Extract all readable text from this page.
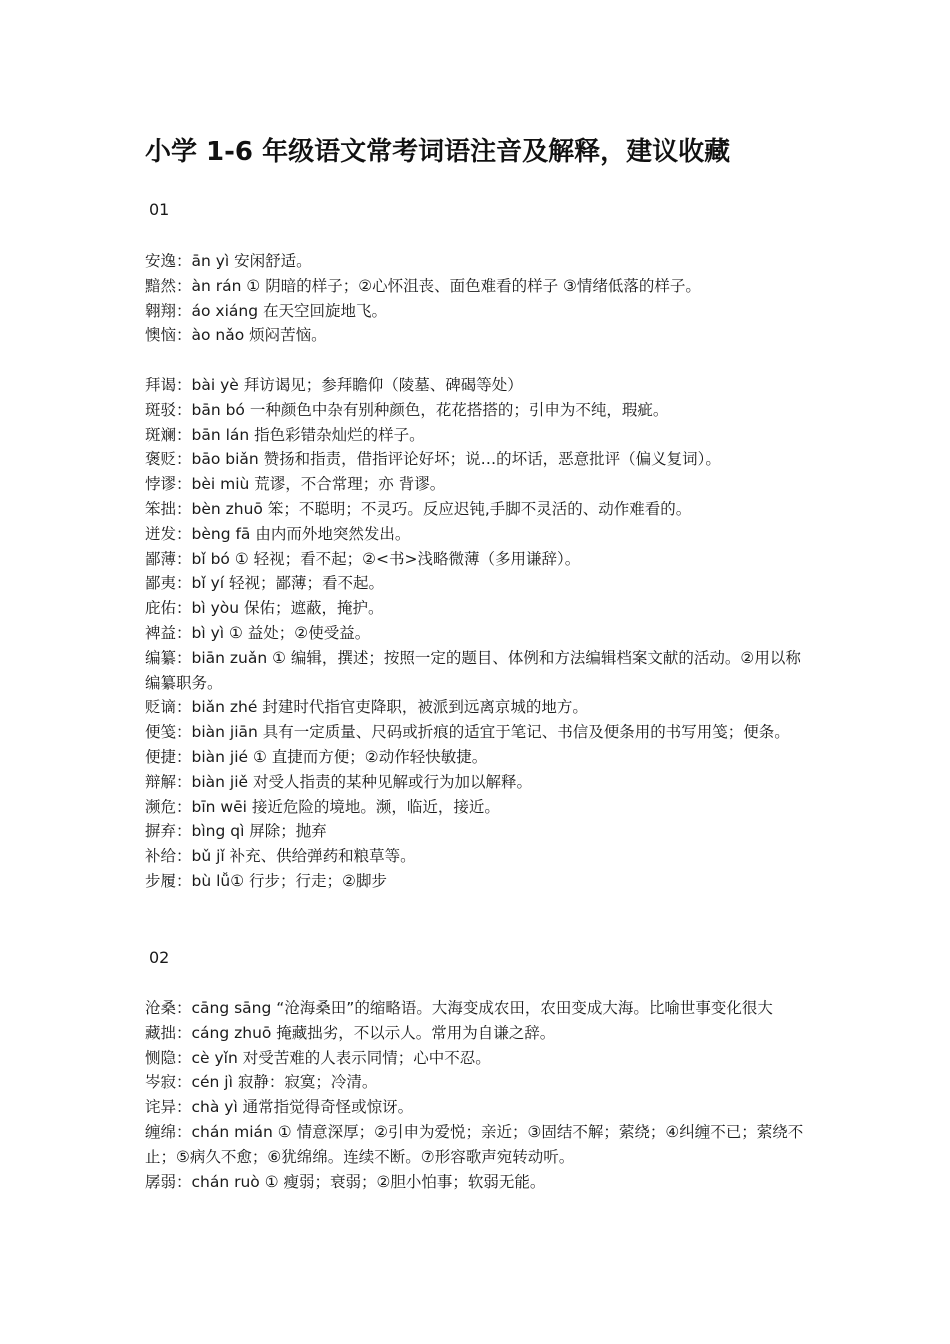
小学 1-6 年级语文常考词语注音及解释，建议收藏
01

安逸：ān yì 安闲舒适。

黯然：àn rán ① 阴暗的样子；②心怀沮丧、面色难看的样子 ③情绪低落的样子。

翱翔：áo xiáng 在天空回旋地飞。

懊恼：ào nǎo 烦闷苦恼。

拜谒：bài yè 拜访谒见；参拜瞻仰（陵墓、碑碣等处）

斑驳：bān bó 一种颜色中杂有别种颜色，花花搭搭的；引申为不纯，瑕疵。

斑斓：bān lán 指色彩错杂灿烂的样子。

褒贬：bāo biǎn 赞扬和指责，借指评论好坏；说…的坏话，恶意批评（偏义复词）。

悖谬：bèi miù 荒谬，不合常理；亦 背谬。

笨拙：bèn zhuō 笨；不聪明；不灵巧。反应迟钝,手脚不灵活的、动作难看的。

迸发：bèng fā 由内而外地突然发出。

鄙薄：bǐ bó ① 轻视；看不起；②<书>浅略微薄（多用谦辞）。

鄙夷：bǐ yí 轻视；鄙薄；看不起。

庇佑：bì yòu 保佑；遮蔽，掩护。

裨益：bì yì ① 益处；②使受益。

编纂：biān zuǎn ① 编辑，撰述；按照一定的题目、体例和方法编辑档案文献的活动。②用以称编纂职务。

贬谪：biǎn zhé 封建时代指官吏降职，被派到远离京城的地方。

便笺：biàn jiān 具有一定质量、尺码或折痕的适宜于笔记、书信及便条用的书写用笺；便条。

便捷：biàn jié ① 直捷而方便；②动作轻快敏捷。

辩解：biàn jiě 对受人指责的某种见解或行为加以解释。

濒危：bīn wēi 接近危险的境地。濒，临近，接近。

摒弃：bìng qì 屏除；抛弃

补给：bǔ jǐ 补充、供给弹药和粮草等。

步履：bù lǚ① 行步；行走；②脚步

02

沧桑：cāng sāng “沧海桑田”的缩略语。大海变成农田，农田变成大海。比喻世事变化很大

藏拙：cáng zhuō 掩藏拙劣，不以示人。常用为自谦之辞。

恻隐：cè yǐn 对受苦难的人表示同情；心中不忍。

岑寂：cén jì 寂静：寂寞；冷清。

诧异：chà yì 通常指觉得奇怪或惊讶。

缠绵：chán mián ① 情意深厚；②引申为爱悦；亲近；③固结不解；萦绕；④纠缠不已；萦绕不止；⑤病久不愈；⑥犹绵绵。连续不断。⑦形容歌声宛转动听。

孱弱：chán ruò ① 瘦弱；衰弱；②胆小怕事；软弱无能。
